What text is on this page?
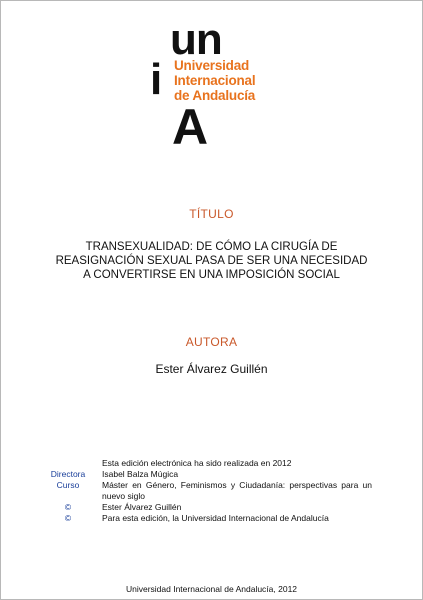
un
i
A
Universidad
Internacional
de Andalucía
TÍTULO
TRANSEXUALIDAD: DE CÓMO LA CIRUGÍA DE
REASIGNACIÓN SEXUAL PASA DE SER UNA NECESIDAD
A CONVERTIRSE EN UNA IMPOSICIÓN SOCIAL
AUTORA
Ester Álvarez Guillén
Esta edición electrónica ha sido realizada en 2012
Directora	Isabel Balza Múgica
Curso	Máster en Género, Feminismos y Ciudadanía: perspectivas para un nuevo siglo
©	Ester Álvarez Guillén
©	Para esta edición, la Universidad Internacional de Andalucía
Universidad Internacional de Andalucía, 2012
